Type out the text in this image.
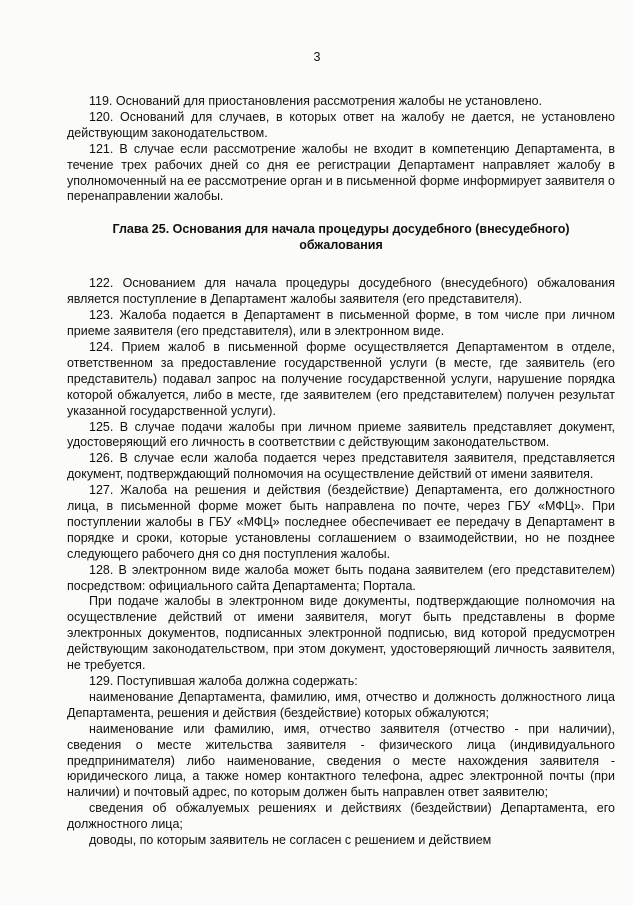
3

119. Оснований для приостановления рассмотрения жалобы не установлено.

120. Оснований для случаев, в которых ответ на жалобу не дается, не установлено действующим законодательством.

121. В случае если рассмотрение жалобы не входит в компетенцию Департамента, в течение трех рабочих дней со дня ее регистрации Департамент направляет жалобу в уполномоченный на ее рассмотрение орган и в письменной форме информирует заявителя о перенаправлении жалобы.

Глава 25. Основания для начала процедуры досудебного (внесудебного) обжалования

122. Основанием для начала процедуры досудебного (внесудебного) обжалования является поступление в Департамент жалобы заявителя (его представителя).

123. Жалоба подается в Департамент в письменной форме, в том числе при личном приеме заявителя (его представителя), или в электронном виде.

124. Прием жалоб в письменной форме осуществляется Департаментом в отделе, ответственном за предоставление государственной услуги (в месте, где заявитель (его представитель) подавал запрос на получение государственной услуги, нарушение порядка которой обжалуется, либо в месте, где заявителем (его представителем) получен результат указанной государственной услуги).

125. В случае подачи жалобы при личном приеме заявитель представляет документ, удостоверяющий его личность в соответствии с действующим законодательством.

126. В случае если жалоба подается через представителя заявителя, представляется документ, подтверждающий полномочия на осуществление действий от имени заявителя.

127. Жалоба на решения и действия (бездействие) Департамента, его должностного лица, в письменной форме может быть направлена по почте, через ГБУ «МФЦ». При поступлении жалобы в ГБУ «МФЦ» последнее обеспечивает ее передачу в Департамент в порядке и сроки, которые установлены соглашением о взаимодействии, но не позднее следующего рабочего дня со дня поступления жалобы.

128. В электронном виде жалоба может быть подана заявителем (его представителем) посредством: официального сайта Департамента; Портала.

При подаче жалобы в электронном виде документы, подтверждающие полномочия на осуществление действий от имени заявителя, могут быть представлены в форме электронных документов, подписанных электронной подписью, вид которой предусмотрен действующим законодательством, при этом документ, удостоверяющий личность заявителя, не требуется.

129. Поступившая жалоба должна содержать:

наименование Департамента, фамилию, имя, отчество и должность должностного лица Департамента, решения и действия (бездействие) которых обжалуются;

наименование или фамилию, имя, отчество заявителя (отчество - при наличии), сведения о месте жительства заявителя - физического лица (индивидуального предпринимателя) либо наименование, сведения о месте нахождения заявителя - юридического лица, а также номер контактного телефона, адрес электронной почты (при наличии) и почтовый адрес, по которым должен быть направлен ответ заявителю;

сведения об обжалуемых решениях и действиях (бездействии) Департамента, его должностного лица;

доводы, по которым заявитель не согласен с решением и действием
